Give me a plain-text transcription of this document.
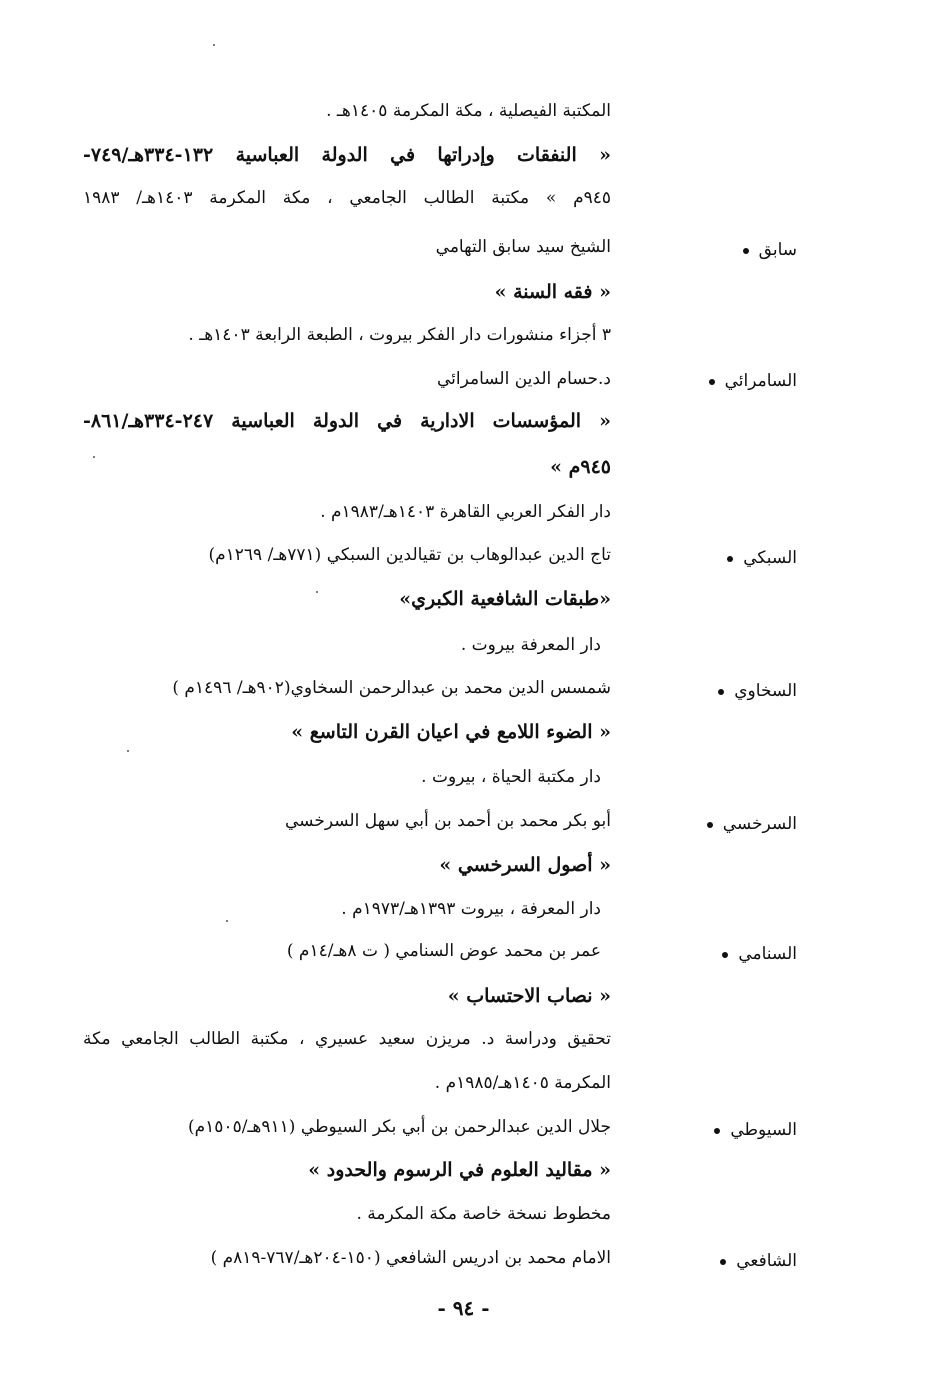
المكتبة الفيصلية ، مكة المكرمة ١٤٠٥هـ .
« النفقات وإدراتها في الدولة العباسية ١٣٢-٣٣٤هـ/٧٤٩-
٩٤٥م » مكتبة الطالب الجامعي ، مكة المكرمة ١٤٠٣هـ/ ١٩٨٣
سابق
الشيخ سيد سابق التهامي
« فقه السنة »
٣ أجزاء منشورات دار الفكر بيروت ، الطبعة الرابعة ١٤٠٣هـ .
السامرائي
د.حسام الدين السامرائي
« المؤسسات الادارية في الدولة العباسية ٢٤٧-٣٣٤هـ/٨٦١-
٩٤٥م »
دار الفكر العربي القاهرة ١٤٠٣هـ/١٩٨٣م .
السبكي
تاج الدين عبدالوهاب بن تقيالدين السبكي (٧٧١هـ/ ١٢٦٩م)
«طبقات الشافعية الكبري»
دار المعرفة بيروت .
السخاوي
شمسس الدين محمد بن عبدالرحمن السخاوي(٩٠٢هـ/ ١٤٩٦م )
« الضوء اللامع في اعيان القرن التاسع »
دار مكتبة الحياة ، بيروت .
السرخسي
أبو بكر محمد بن أحمد بن أبي سهل السرخسي
« أصول السرخسي »
دار المعرفة ، بيروت ١٣٩٣هـ/١٩٧٣م .
السنامي
عمر بن محمد عوض السنامي ( ت ٨هـ/١٤م )
« نصاب الاحتساب »
تحقيق ودراسة د. مريزن سعيد عسيري ، مكتبة الطالب الجامعي مكة
المكرمة ١٤٠٥هـ/١٩٨٥م .
السيوطي
جلال الدين عبدالرحمن بن أبي بكر السيوطي (٩١١هـ/١٥٠٥م)
« مقاليد العلوم في الرسوم والحدود »
مخطوط نسخة خاصة مكة المكرمة .
الشافعي
الامام محمد بن ادريس الشافعي (١٥٠-٢٠٤هـ/٧٦٧-٨١٩م )
- ٩٤ -
